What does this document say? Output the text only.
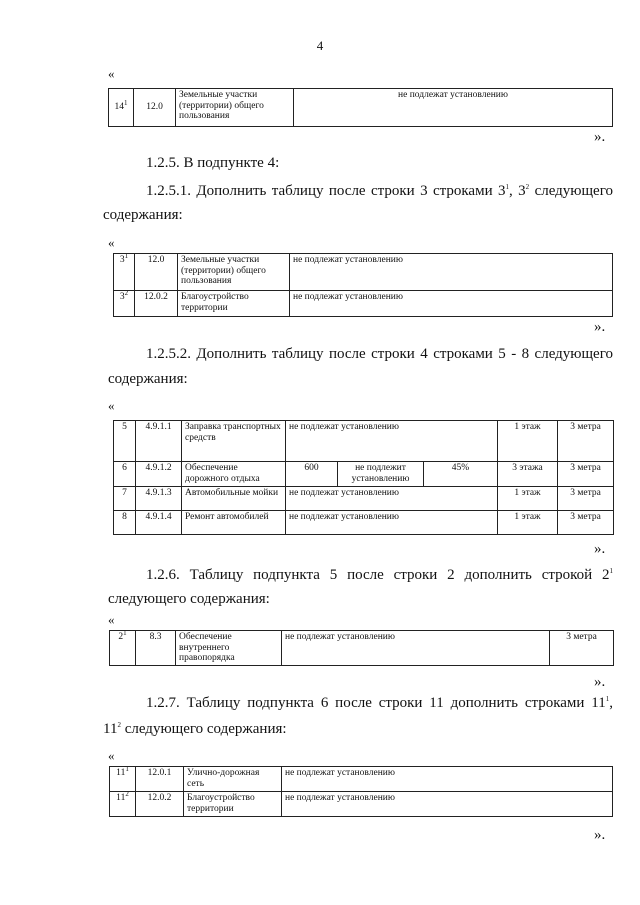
4
«
$14^1$	12.0	Земельные участки (территории) общего пользования	не подлежат установлению
».
1.2.5. В подпункте 4:
1.2.5.1. Дополнить таблицу после строки 3 строками $3^1$, $3^2$ следующего
содержания:
«
$3^1$	12.0	Земельные участки (территории) общего пользования	не подлежат установлению
$3^2$	12.0.2	Благоустройство территории	не подлежат установлению
».
1.2.5.2. Дополнить таблицу после строки 4 строками 5 - 8 следующего
содержания:
«
5	4.9.1.1	Заправка транспортных средств	не подлежат установлению			1 этаж	3 метра
6	4.9.1.2	Обеспечение дорожного отдыха	600	не подлежит установлению	45%	3 этажа	3 метра
7	4.9.1.3	Автомобильные мойки	не подлежат установлению			1 этаж	3 метра
8	4.9.1.4	Ремонт автомобилей	не подлежат установлению			1 этаж	3 метра
».
1.2.6. Таблицу подпункта 5 после строки 2 дополнить строкой $2^1$
следующего содержания:
«
$2^1$	8.3	Обеспечение внутреннего правопорядка	не подлежат установлению	3 метра
».
1.2.7. Таблицу подпункта 6 после строки 11 дополнить строками $11^1$,
$11^2$ следующего содержания:
«
$11^1$	12.0.1	Улично-дорожная сеть	не подлежат установлению
$11^2$	12.0.2	Благоустройство территории	не подлежат установлению
».
